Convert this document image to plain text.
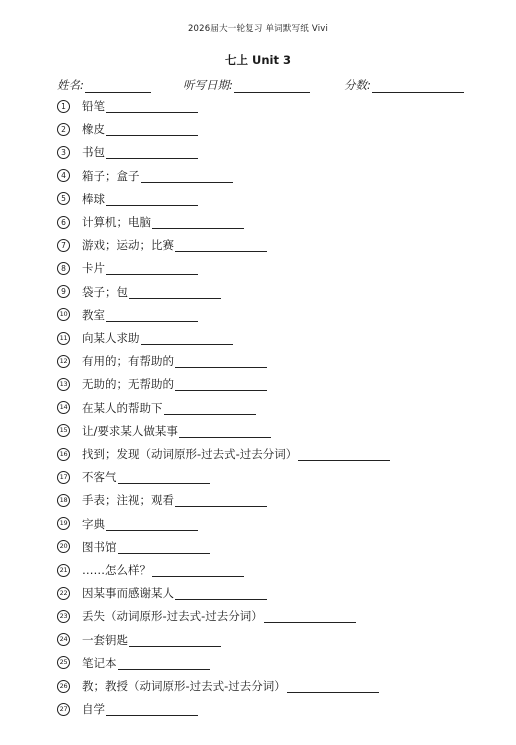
2026届大一轮复习 单词默写纸 Vivi
七上 Unit 3
姓名:	听写日期:	分数:
1	铅笔
2	橡皮
3	书包
4	箱子；盒子
5	棒球
6	计算机；电脑
7	游戏；运动；比赛
8	卡片
9	袋子；包
10 教室
11 向某人求助
12 有用的；有帮助的
13 无助的；无帮助的
14 在某人的帮助下
15 让/要求某人做某事
16 找到；发现（动词原形-过去式-过去分词）
17 不客气
18 手表；注视；观看
19 字典
20 图书馆
21 ……怎么样？
22 因某事而感谢某人
23 丢失（动词原形-过去式-过去分词）
24 一套钥匙
25 笔记本
26 教；教授（动词原形-过去式-过去分词）
27 自学
